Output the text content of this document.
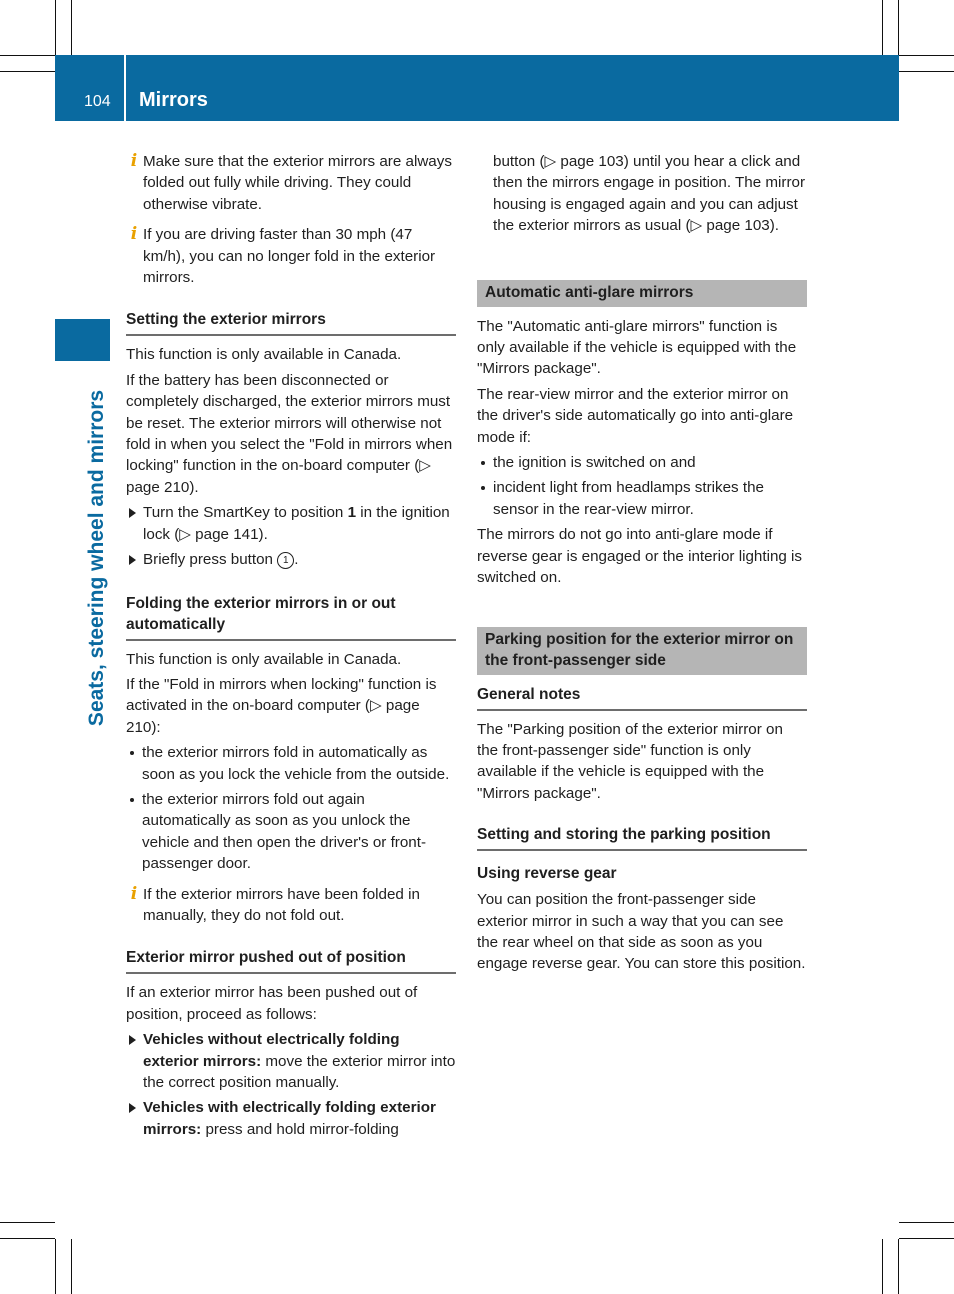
104 Mirrors
Seats, steering wheel and mirrors
i Make sure that the exterior mirrors are always folded out fully while driving. They could otherwise vibrate.

i If you are driving faster than 30 mph (47 km/h), you can no longer fold in the exterior mirrors.

Setting the exterior mirrors

This function is only available in Canada.

If the battery has been disconnected or completely discharged, the exterior mirrors must be reset. The exterior mirrors will otherwise not fold in when you select the "Fold in mirrors when locking" function in the on-board computer (▷ page 210).

Turn the SmartKey to position 1 in the ignition lock (▷ page 141).
Briefly press button 1 .
Folding the exterior mirrors in or out automatically

This function is only available in Canada.

If the "Fold in mirrors when locking" function is activated in the on-board computer (▷ page 210):

the exterior mirrors fold in automatically as soon as you lock the vehicle from the outside.

the exterior mirrors fold out again automatically as soon as you unlock the vehicle and then open the driver's or front-passenger door.

i If the exterior mirrors have been folded in manually, they do not fold out.

Exterior mirror pushed out of position

If an exterior mirror has been pushed out of position, proceed as follows:

Vehicles without electrically folding exterior mirrors: move the exterior mirror into the correct position manually.
Vehicles with electrically folding exterior mirrors: press and hold mirror-folding

button (▷ page 103) until you hear a click and then the mirrors engage in position. The mirror housing is engaged again and you can adjust the exterior mirrors as usual (▷ page 103).

Automatic anti-glare mirrors

The "Automatic anti-glare mirrors" function is only available if the vehicle is equipped with the "Mirrors package".

The rear-view mirror and the exterior mirror on the driver's side automatically go into anti-glare mode if:

the ignition is switched on and

incident light from headlamps strikes the sensor in the rear-view mirror.

The mirrors do not go into anti-glare mode if reverse gear is engaged or the interior lighting is switched on.

Parking position for the exterior mirror on the front-passenger side
General notes

The "Parking position of the exterior mirror on the front-passenger side" function is only available if the vehicle is equipped with the "Mirrors package".

Setting and storing the parking position
Using reverse gear

You can position the front-passenger side exterior mirror in such a way that you can see the rear wheel on that side as soon as you engage reverse gear. You can store this position.
